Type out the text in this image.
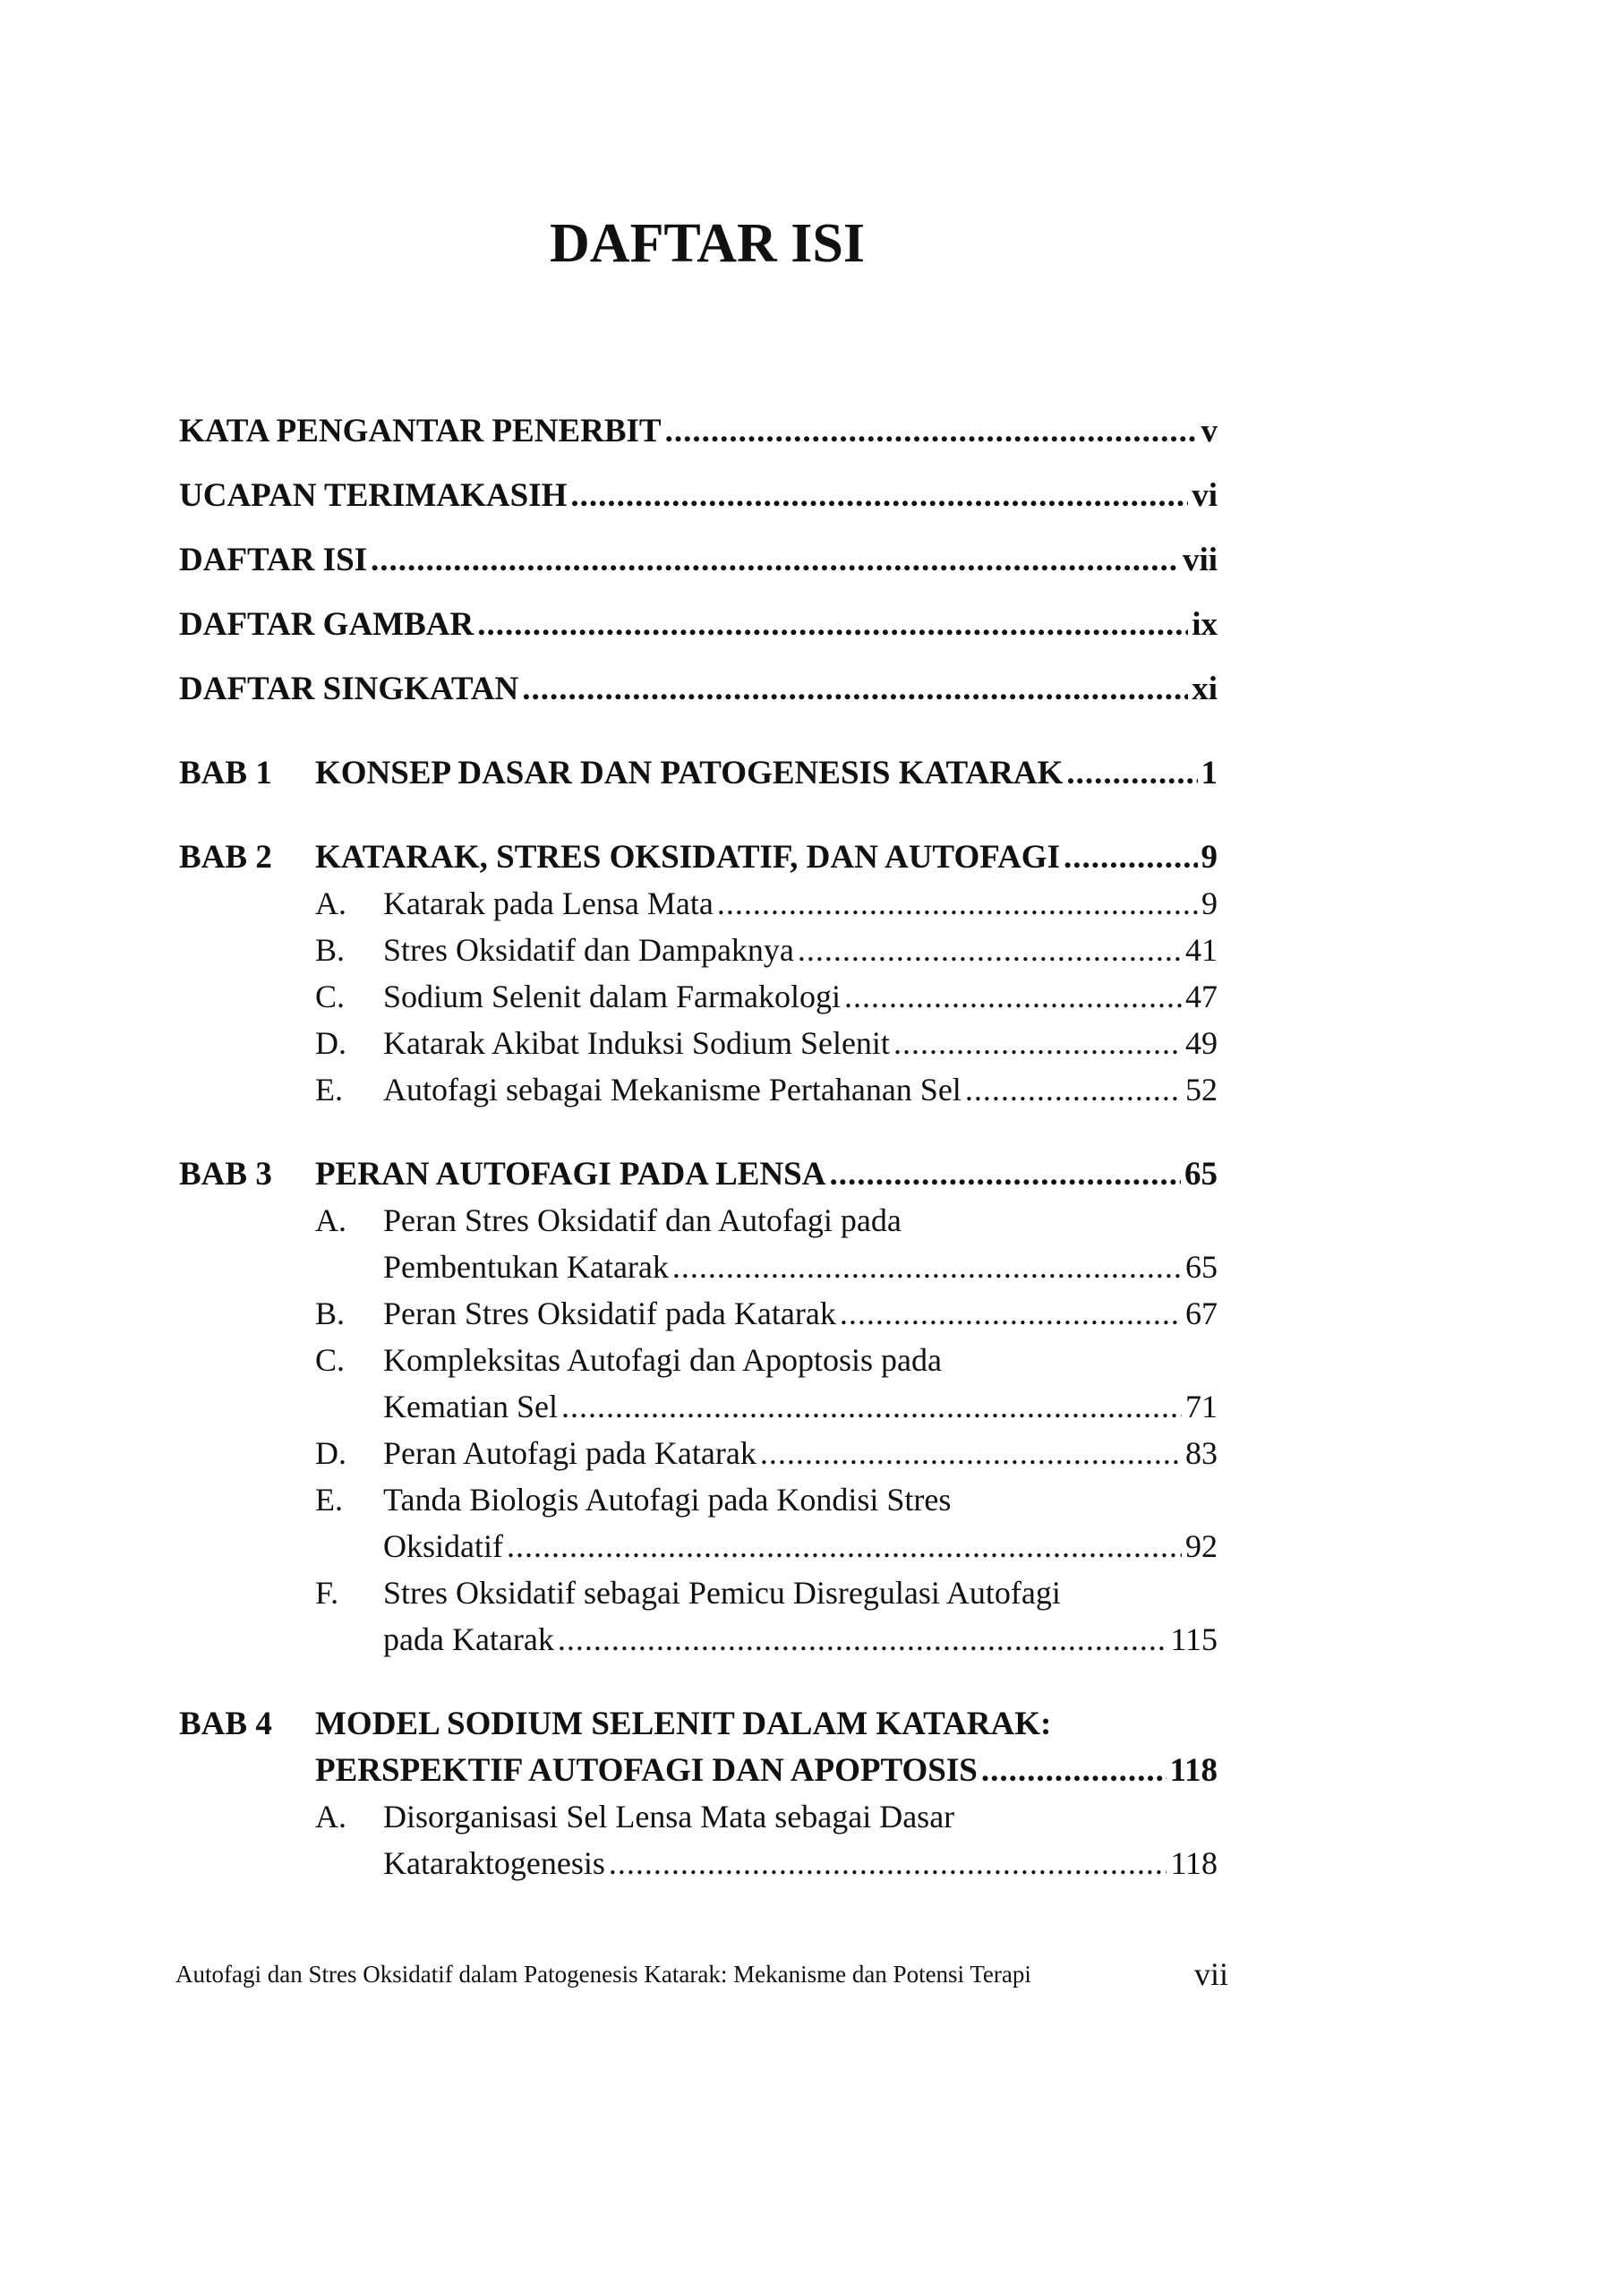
DAFTAR ISI
KATA PENGANTAR PENERBIT .....	v
UCAPAN TERIMAKASIH .....	vi
DAFTAR ISI .....	vii
DAFTAR GAMBAR .....	ix
DAFTAR SINGKATAN .....	xi
BAB 1 KONSEP DASAR DAN PATOGENESIS KATARAK .....	1
BAB 2 KATARAK, STRES OKSIDATIF, DAN AUTOFAGI .....	9
A. Katarak pada Lensa Mata .....	9
B. Stres Oksidatif dan Dampaknya .....	41
C. Sodium Selenit dalam Farmakologi .....	47
D. Katarak Akibat Induksi Sodium Selenit .....	49
E. Autofagi sebagai Mekanisme Pertahanan Sel .....	52
BAB 3 PERAN AUTOFAGI PADA LENSA .....	65
A. Peran Stres Oksidatif dan Autofagi pada
Pembentukan Katarak .....	65
B. Peran Stres Oksidatif pada Katarak .....	67
C. Kompleksitas Autofagi dan Apoptosis pada
Kematian Sel .....	71
D. Peran Autofagi pada Katarak .....	83
E. Tanda Biologis Autofagi pada Kondisi Stres
Oksidatif .....	92
F. Stres Oksidatif sebagai Pemicu Disregulasi Autofagi
pada Katarak .....	115
BAB 4 MODEL SODIUM SELENIT DALAM KATARAK:
PERSPEKTIF AUTOFAGI DAN APOPTOSIS .....	118
A. Disorganisasi Sel Lensa Mata sebagai Dasar
Kataraktogenesis .....	118
Autofagi dan Stres Oksidatif dalam Patogenesis Katarak: Mekanisme dan Potensi Terapi	vii
